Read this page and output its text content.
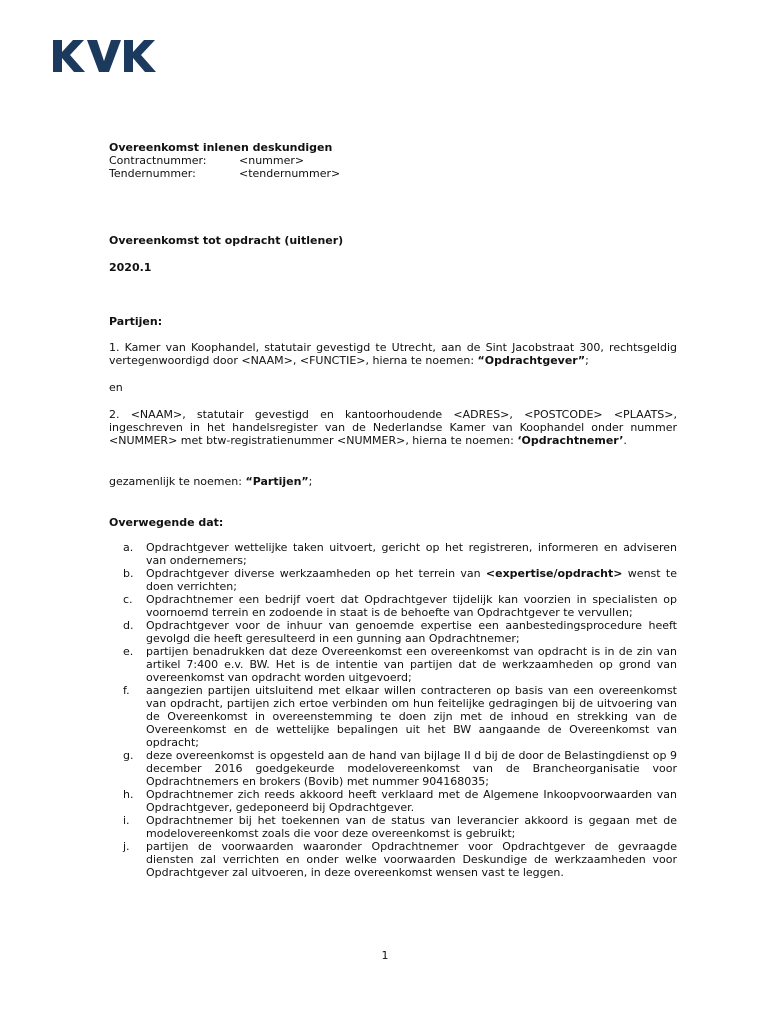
Overeenkomst inlenen deskundigen

Contractnummer:	<nummer>
Tendernummer:	<tendernummer>

Overeenkomst tot opdracht (uitlener)

2020.1

Partijen:

1. Kamer van Koophandel, statutair gevestigd te Utrecht, aan de Sint Jacobstraat 300, rechtsgeldig vertegenwoordigd door <NAAM>, <FUNCTIE>, hierna te noemen: “Opdrachtgever”;

en

2. <NAAM>, statutair gevestigd en kantoorhoudende <ADRES>, <POSTCODE> <PLAATS>, ingeschreven in het handelsregister van de Nederlandse Kamer van Koophandel onder nummer <NUMMER> met btw-registratienummer <NUMMER>, hierna te noemen: ‘Opdrachtnemer’.

gezamenlijk te noemen: “Partijen”;

Overwegende dat:

a. Opdrachtgever wettelijke taken uitvoert, gericht op het registreren, informeren en adviseren van ondernemers;
b. Opdrachtgever diverse werkzaamheden op het terrein van <expertise/opdracht> wenst te doen verrichten;
c. Opdrachtnemer een bedrijf voert dat Opdrachtgever tijdelijk kan voorzien in specialisten op voornoemd terrein en zodoende in staat is de behoefte van Opdrachtgever te vervullen;
d. Opdrachtgever voor de inhuur van genoemde expertise een aanbestedingsprocedure heeft gevolgd die heeft geresulteerd in een gunning aan Opdrachtnemer;
e. partijen benadrukken dat deze Overeenkomst een overeenkomst van opdracht is in de zin van artikel 7:400 e.v. BW. Het is de intentie van partijen dat de werkzaamheden op grond van overeenkomst van opdracht worden uitgevoerd;
f. aangezien partijen uitsluitend met elkaar willen contracteren op basis van een overeenkomst van opdracht, partijen zich ertoe verbinden om hun feitelijke gedragingen bij de uitvoering van de Overeenkomst in overeenstemming te doen zijn met de inhoud en strekking van de Overeenkomst en de wettelijke bepalingen uit het BW aangaande de Overeenkomst van opdracht;
g. deze overeenkomst is opgesteld aan de hand van bijlage II d bij de door de Belastingdienst op 9 december 2016 goedgekeurde modelovereenkomst van de Brancheorganisatie voor Opdrachtnemers en brokers (Bovib) met nummer 904168035;
h. Opdrachtnemer zich reeds akkoord heeft verklaard met de Algemene Inkoopvoorwaarden van Opdrachtgever, gedeponeerd bij Opdrachtgever.
i. Opdrachtnemer bij het toekennen van de status van leverancier akkoord is gegaan met de modelovereenkomst zoals die voor deze overeenkomst is gebruikt;
j. partijen de voorwaarden waaronder Opdrachtnemer voor Opdrachtgever de gevraagde diensten zal verrichten en onder welke voorwaarden Deskundige de werkzaamheden voor Opdrachtgever zal uitvoeren, in deze overeenkomst wensen vast te leggen.
1
